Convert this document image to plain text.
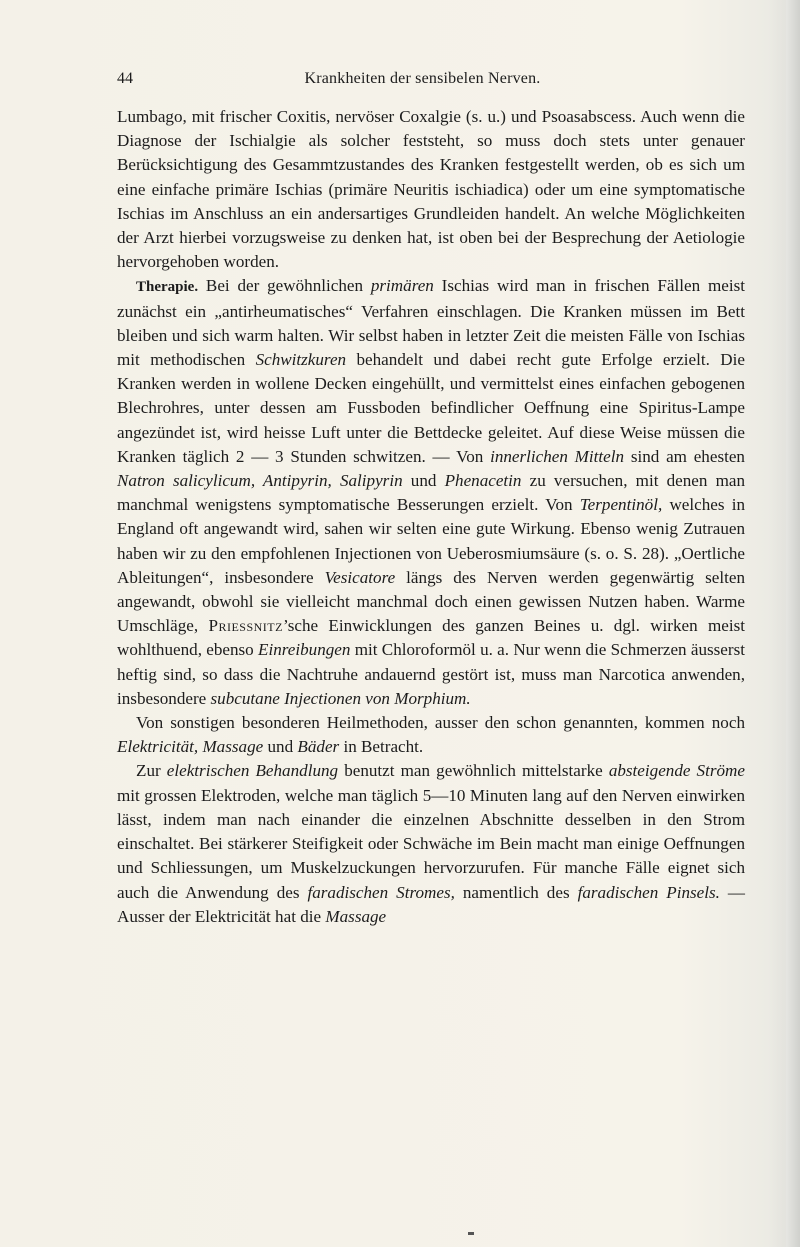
44	Krankheiten der sensibelen Nerven.

Lumbago, mit frischer Coxitis, nervöser Coxalgie (s. u.) und Psoasabscess. Auch wenn die Diagnose der Ischialgie als solcher feststeht, so muss doch stets unter genauer Berücksichtigung des Gesammtzustandes des Kranken festgestellt werden, ob es sich um eine einfache primäre Ischias (primäre Neuritis ischiadica) oder um eine symptomatische Ischias im Anschluss an ein andersartiges Grundleiden handelt. An welche Möglichkeiten der Arzt hierbei vorzugsweise zu denken hat, ist oben bei der Besprechung der Aetiologie hervorgehoben worden.

Therapie. Bei der gewöhnlichen primären Ischias wird man in frischen Fällen meist zunächst ein „antirheumatisches“ Verfahren einschlagen. Die Kranken müssen im Bett bleiben und sich warm halten. Wir selbst haben in letzter Zeit die meisten Fälle von Ischias mit methodischen Schwitzkuren behandelt und dabei recht gute Erfolge erzielt. Die Kranken werden in wollene Decken eingehüllt, und vermittelst eines einfachen gebogenen Blechrohres, unter dessen am Fussboden befindlicher Oeffnung eine Spiritus-Lampe angezündet ist, wird heisse Luft unter die Bettdecke geleitet. Auf diese Weise müssen die Kranken täglich 2 — 3 Stunden schwitzen. — Von innerlichen Mitteln sind am ehesten Natron salicylicum, Antipyrin, Salipyrin und Phenacetin zu versuchen, mit denen man manchmal wenigstens symptomatische Besserungen erzielt. Von Terpentinöl, welches in England oft angewandt wird, sahen wir selten eine gute Wirkung. Ebenso wenig Zutrauen haben wir zu den empfohlenen Injectionen von Ueberosmiumsäure (s. o. S. 28). „Oertliche Ableitungen“, insbesondere Vesicatore längs des Nerven werden gegenwärtig selten angewandt, obwohl sie vielleicht manchmal doch einen gewissen Nutzen haben. Warme Umschläge, Priessnitz’sche Einwicklungen des ganzen Beines u. dgl. wirken meist wohlthuend, ebenso Einreibungen mit Chloroformöl u. a. Nur wenn die Schmerzen äusserst heftig sind, so dass die Nachtruhe andauernd gestört ist, muss man Narcotica anwenden, insbesondere subcutane Injectionen von Morphium.

Von sonstigen besonderen Heilmethoden, ausser den schon genannten, kommen noch Elektricität, Massage und Bäder in Betracht.

Zur elektrischen Behandlung benutzt man gewöhnlich mittelstarke absteigende Ströme mit grossen Elektroden, welche man täglich 5—10 Minuten lang auf den Nerven einwirken lässt, indem man nach einander die einzelnen Abschnitte desselben in den Strom einschaltet. Bei stärkerer Steifigkeit oder Schwäche im Bein macht man einige Oeffnungen und Schliessungen, um Muskelzuckungen hervorzurufen. Für manche Fälle eignet sich auch die Anwendung des faradischen Stromes, namentlich des faradischen Pinsels. — Ausser der Elektricität hat die Massage
